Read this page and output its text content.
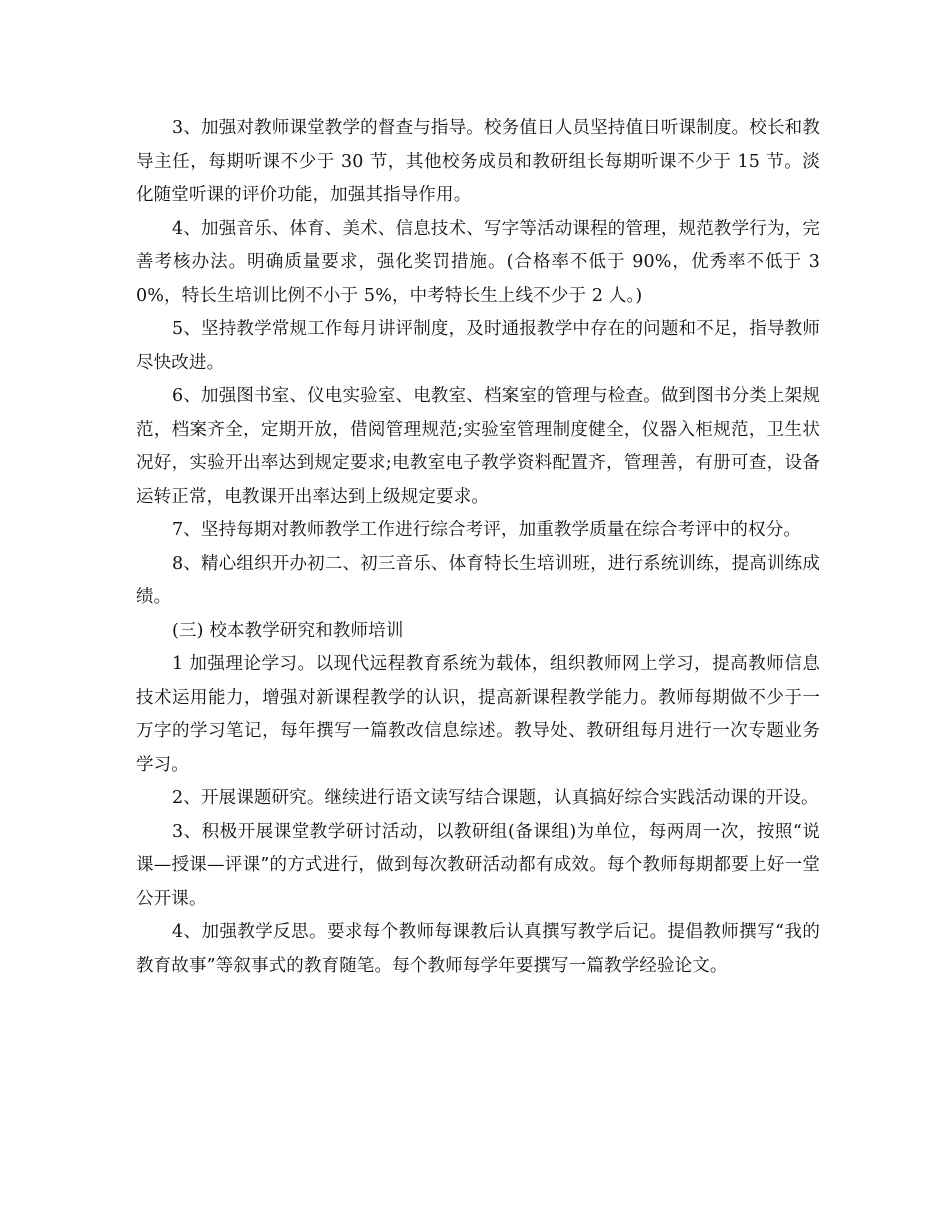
3、加强对教师课堂教学的督查与指导。校务值日人员坚持值日听课制度。校长和教导主任，每期听课不少于 30 节，其他校务成员和教研组长每期听课不少于 15 节。淡化随堂听课的评价功能，加强其指导作用。

4、加强音乐、体育、美术、信息技术、写字等活动课程的管理，规范教学行为，完善考核办法。明确质量要求，强化奖罚措施。(合格率不低于 90%，优秀率不低于 30%，特长生培训比例不小于 5%，中考特长生上线不少于 2 人。)

5、坚持教学常规工作每月讲评制度，及时通报教学中存在的问题和不足，指导教师尽快改进。

6、加强图书室、仪电实验室、电教室、档案室的管理与检查。做到图书分类上架规范，档案齐全，定期开放，借阅管理规范;实验室管理制度健全，仪器入柜规范，卫生状况好，实验开出率达到规定要求;电教室电子教学资料配置齐，管理善，有册可查，设备运转正常，电教课开出率达到上级规定要求。

7、坚持每期对教师教学工作进行综合考评，加重教学质量在综合考评中的权分。

8、精心组织开办初二、初三音乐、体育特长生培训班，进行系统训练，提高训练成绩。

(三) 校本教学研究和教师培训

1 加强理论学习。以现代远程教育系统为载体，组织教师网上学习，提高教师信息技术运用能力，增强对新课程教学的认识，提高新课程教学能力。教师每期做不少于一万字的学习笔记，每年撰写一篇教改信息综述。教导处、教研组每月进行一次专题业务学习。

2、开展课题研究。继续进行语文读写结合课题，认真搞好综合实践活动课的开设。

3、积极开展课堂教学研讨活动，以教研组(备课组)为单位，每两周一次，按照“说课—授课—评课”的方式进行，做到每次教研活动都有成效。每个教师每期都要上好一堂公开课。

4、加强教学反思。要求每个教师每课教后认真撰写教学后记。提倡教师撰写“我的教育故事”等叙事式的教育随笔。每个教师每学年要撰写一篇教学经验论文。
